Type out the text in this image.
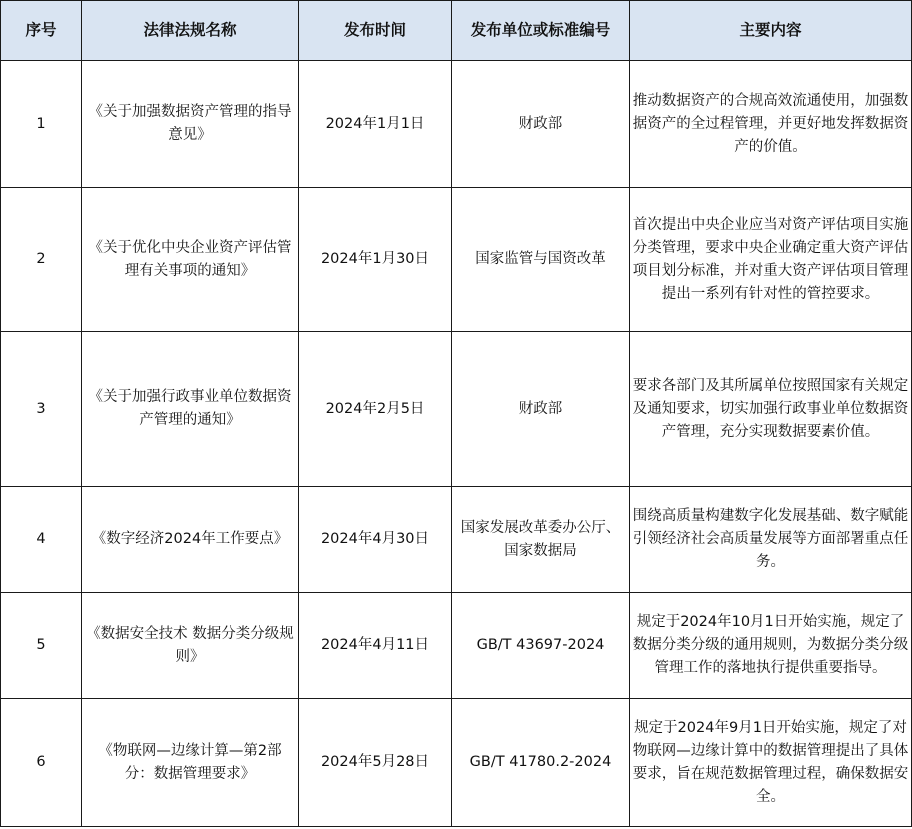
序号	法律法规名称	发布时间	发布单位或标准编号	主要内容
1	《关于加强数据资产管理的指导意见》	2024年1月1日	财政部	推动数据资产的合规高效流通使用，加强数据资产的全过程管理，并更好地发挥数据资产的价值。
2	《关于优化中央企业资产评估管理有关事项的通知》	2024年1月30日	国家监管与国资改革	首次提出中央企业应当对资产评估项目实施分类管理，要求中央企业确定重大资产评估项目划分标准，并对重大资产评估项目管理提出一系列有针对性的管控要求。
3	《关于加强行政事业单位数据资产管理的通知》	2024年2月5日	财政部	要求各部门及其所属单位按照国家有关规定及通知要求，切实加强行政事业单位数据资产管理，充分实现数据要素价值。
4	《数字经济2024年工作要点》	2024年4月30日	国家发展改革委办公厅、国家数据局	围绕高质量构建数字化发展基础、数字赋能引领经济社会高质量发展等方面部署重点任务。
5	《数据安全技术 数据分类分级规则》	2024年4月11日	GB/T 43697-2024	规定于2024年10月1日开始实施，规定了数据分类分级的通用规则，为数据分类分级管理工作的落地执行提供重要指导。
6	《物联网—边缘计算—第2部分：数据管理要求》	2024年5月28日	GB/T 41780.2-2024	规定于2024年9月1日开始实施，规定了对物联网—边缘计算中的数据管理提出了具体要求，旨在规范数据管理过程，确保数据安全。
